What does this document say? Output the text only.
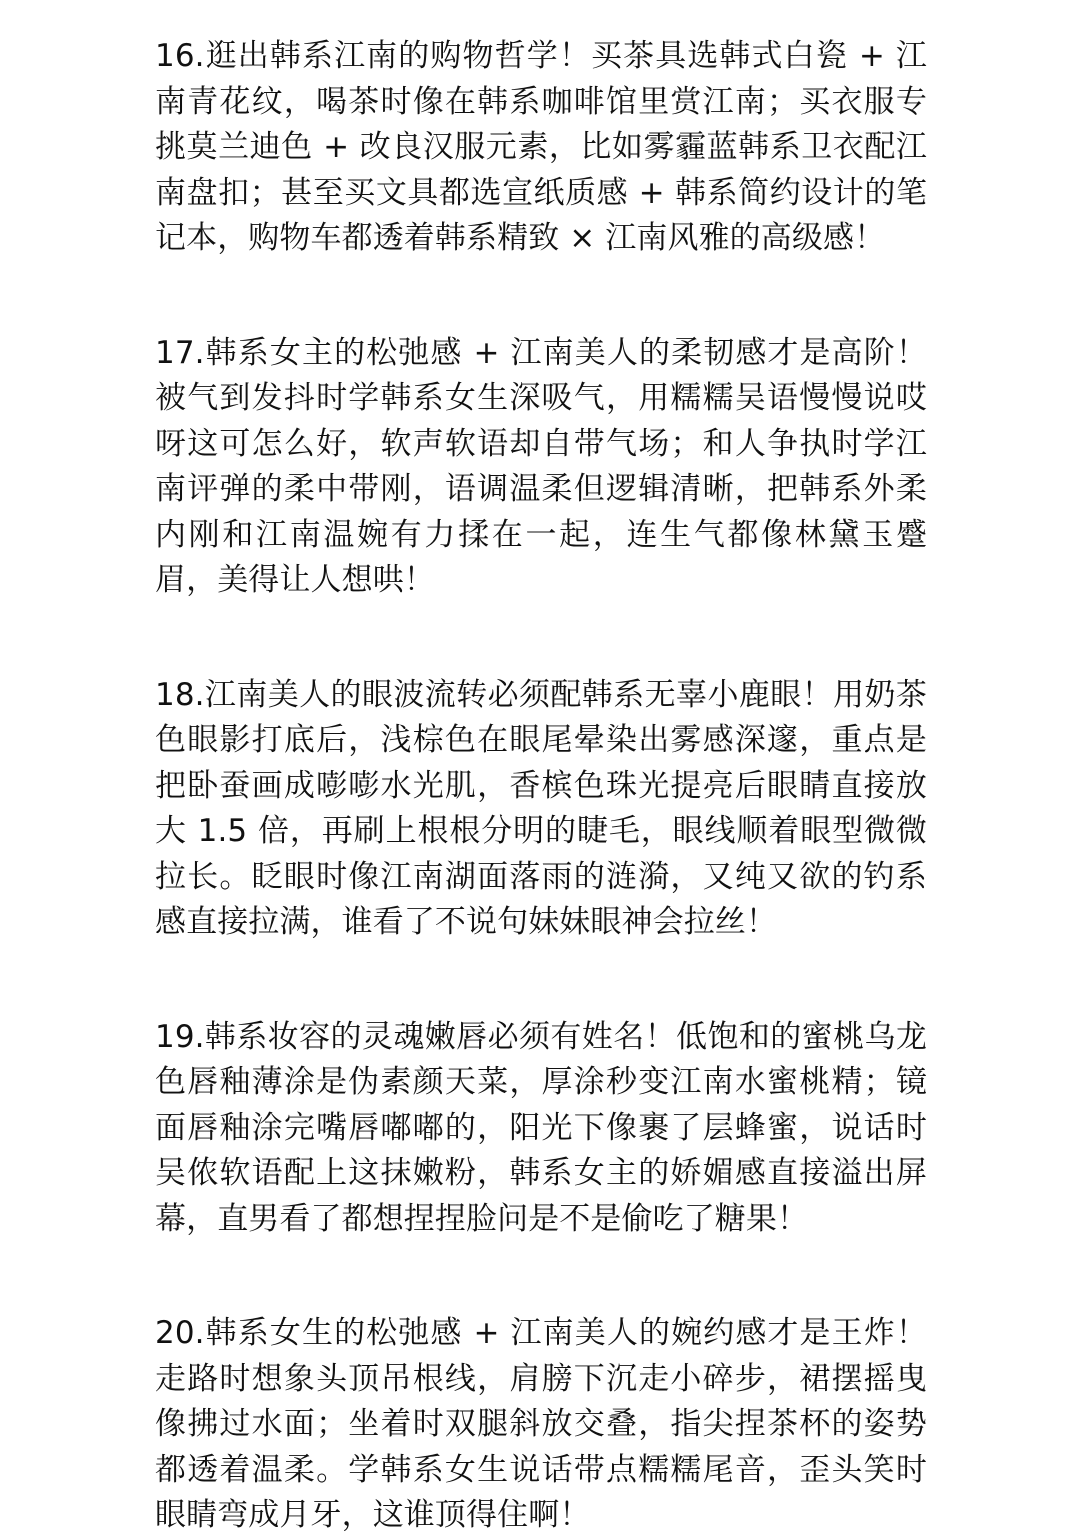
16.逛出韩系江南的购物哲学！买茶具选韩式白瓷 + 江南青花纹，喝茶时像在韩系咖啡馆里赏江南；买衣服专挑莫兰迪色 + 改良汉服元素，比如雾霾蓝韩系卫衣配江南盘扣；甚至买文具都选宣纸质感 + 韩系简约设计的笔记本，购物车都透着韩系精致 × 江南风雅的高级感！

17.韩系女主的松弛感 + 江南美人的柔韧感才是高阶！被气到发抖时学韩系女生深吸气，用糯糯吴语慢慢说哎呀这可怎么好，软声软语却自带气场；和人争执时学江南评弹的柔中带刚，语调温柔但逻辑清晰，把韩系外柔内刚和江南温婉有力揉在一起，连生气都像林黛玉蹙眉，美得让人想哄！

18.江南美人的眼波流转必须配韩系无辜小鹿眼！用奶茶色眼影打底后，浅棕色在眼尾晕染出雾感深邃，重点是把卧蚕画成嘭嘭水光肌，香槟色珠光提亮后眼睛直接放大 1.5 倍，再刷上根根分明的睫毛，眼线顺着眼型微微拉长。眨眼时像江南湖面落雨的涟漪，又纯又欲的钓系感直接拉满，谁看了不说句妹妹眼神会拉丝！

19.韩系妆容的灵魂嫩唇必须有姓名！低饱和的蜜桃乌龙色唇釉薄涂是伪素颜天菜，厚涂秒变江南水蜜桃精；镜面唇釉涂完嘴唇嘟嘟的，阳光下像裹了层蜂蜜，说话时吴侬软语配上这抹嫩粉，韩系女主的娇媚感直接溢出屏幕，直男看了都想捏捏脸问是不是偷吃了糖果！

20.韩系女生的松弛感 + 江南美人的婉约感才是王炸！走路时想象头顶吊根线，肩膀下沉走小碎步，裙摆摇曳像拂过水面；坐着时双腿斜放交叠，指尖捏茶杯的姿势都透着温柔。学韩系女生说话带点糯糯尾音，歪头笑时眼睛弯成月牙，这谁顶得住啊！
